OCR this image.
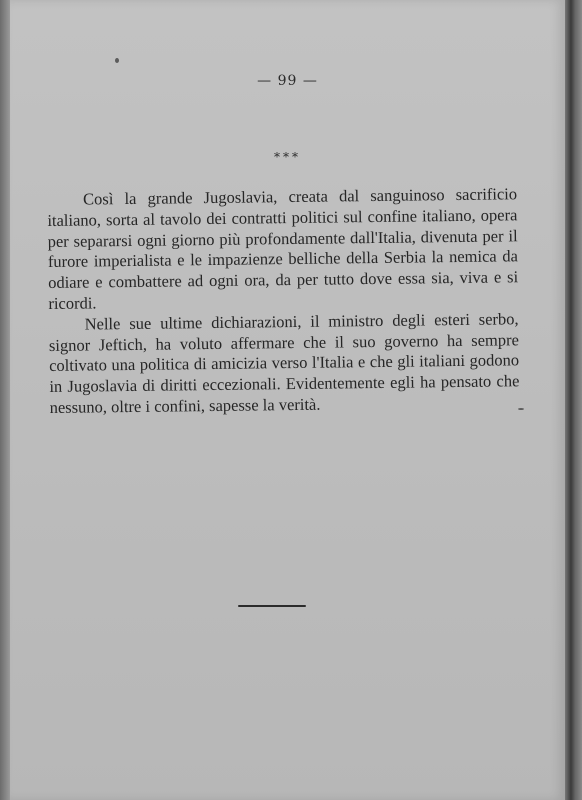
— 99 —
***

Così la grande Jugoslavia, creata dal sanguinoso sacrificio italiano, sorta al tavolo dei contratti politici sul confine italiano, opera per separarsi ogni giorno più profondamente dall'Italia, divenuta per il furore imperialista e le impazienze belliche della Serbia la nemica da odiare e combattere ad ogni ora, da per tutto dove essa sia, viva e si ricordi.

Nelle sue ultime dichiarazioni, il ministro degli esteri serbo, signor Jeftich, ha voluto affermare che il suo governo ha sempre coltivato una politica di amicizia verso l'Italia e che gli italiani godono in Jugoslavia di diritti eccezionali. Evidentemente egli ha pensato che nessuno, oltre i confini, sapesse la verità.
